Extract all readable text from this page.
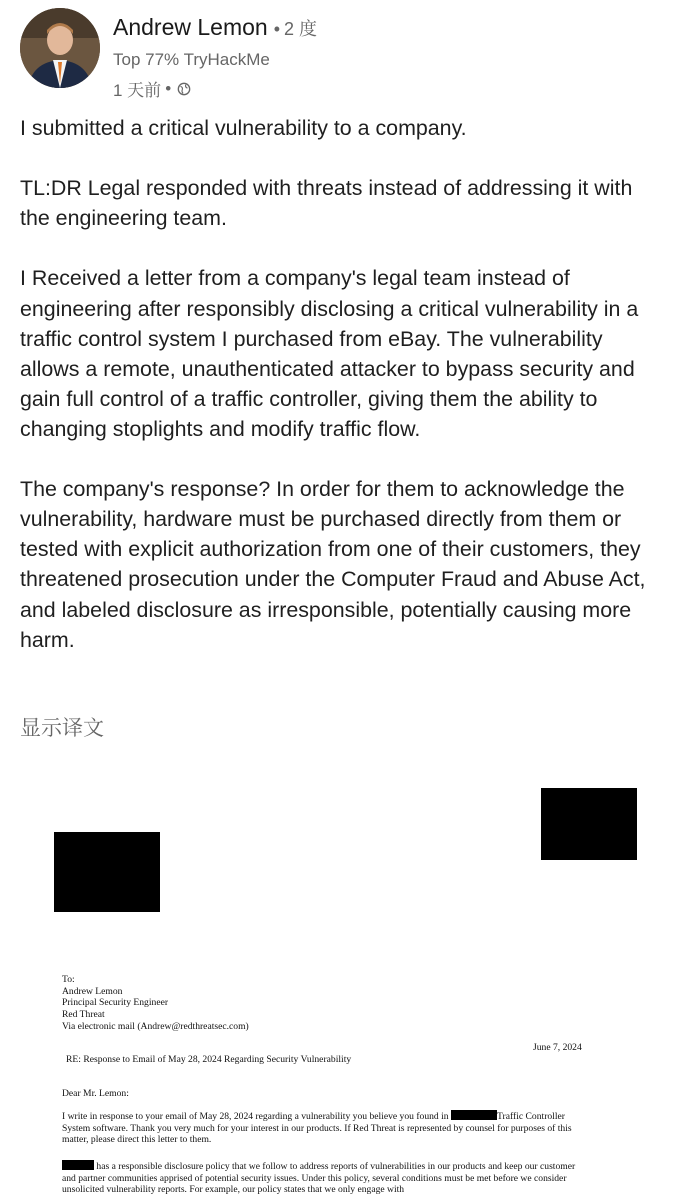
Andrew Lemon • 2 度
Top 77% TryHackMe
1 天前 •

I submitted a critical vulnerability to a company.

TL:DR Legal responded with threats instead of addressing it with the engineering team.

I Received a letter from a company's legal team instead of engineering after responsibly disclosing a critical vulnerability in a traffic control system I purchased from eBay. The vulnerability allows a remote, unauthenticated attacker to bypass security and gain full control of a traffic controller, giving them the ability to changing stoplights and modify traffic flow.

The company's response? In order for them to acknowledge the vulnerability, hardware must be purchased directly from them or tested with explicit authorization from one of their customers, they threatened prosecution under the Computer Fraud and Abuse Act, and labeled disclosure as irresponsible, potentially causing more harm.

显示译文
To:
Andrew Lemon
Principal Security Engineer
Red Threat
Via electronic mail (Andrew@redthreatsec.com)
June 7, 2024
RE: Response to Email of May 28, 2024 Regarding Security Vulnerability
Dear Mr. Lemon:
I write in response to your email of May 28, 2024 regarding a vulnerability you believe you found in	Traffic Controller System software. Thank you very much for your interest in our products. If Red Threat is represented by counsel for purposes of this matter, please direct this letter to them.
has a responsible disclosure policy that we follow to address reports of vulnerabilities in our products and keep our customer and partner communities apprised of potential security issues. Under this policy, several conditions must be met before we consider unsolicited vulnerability reports. For example, our policy states that we only engage with
